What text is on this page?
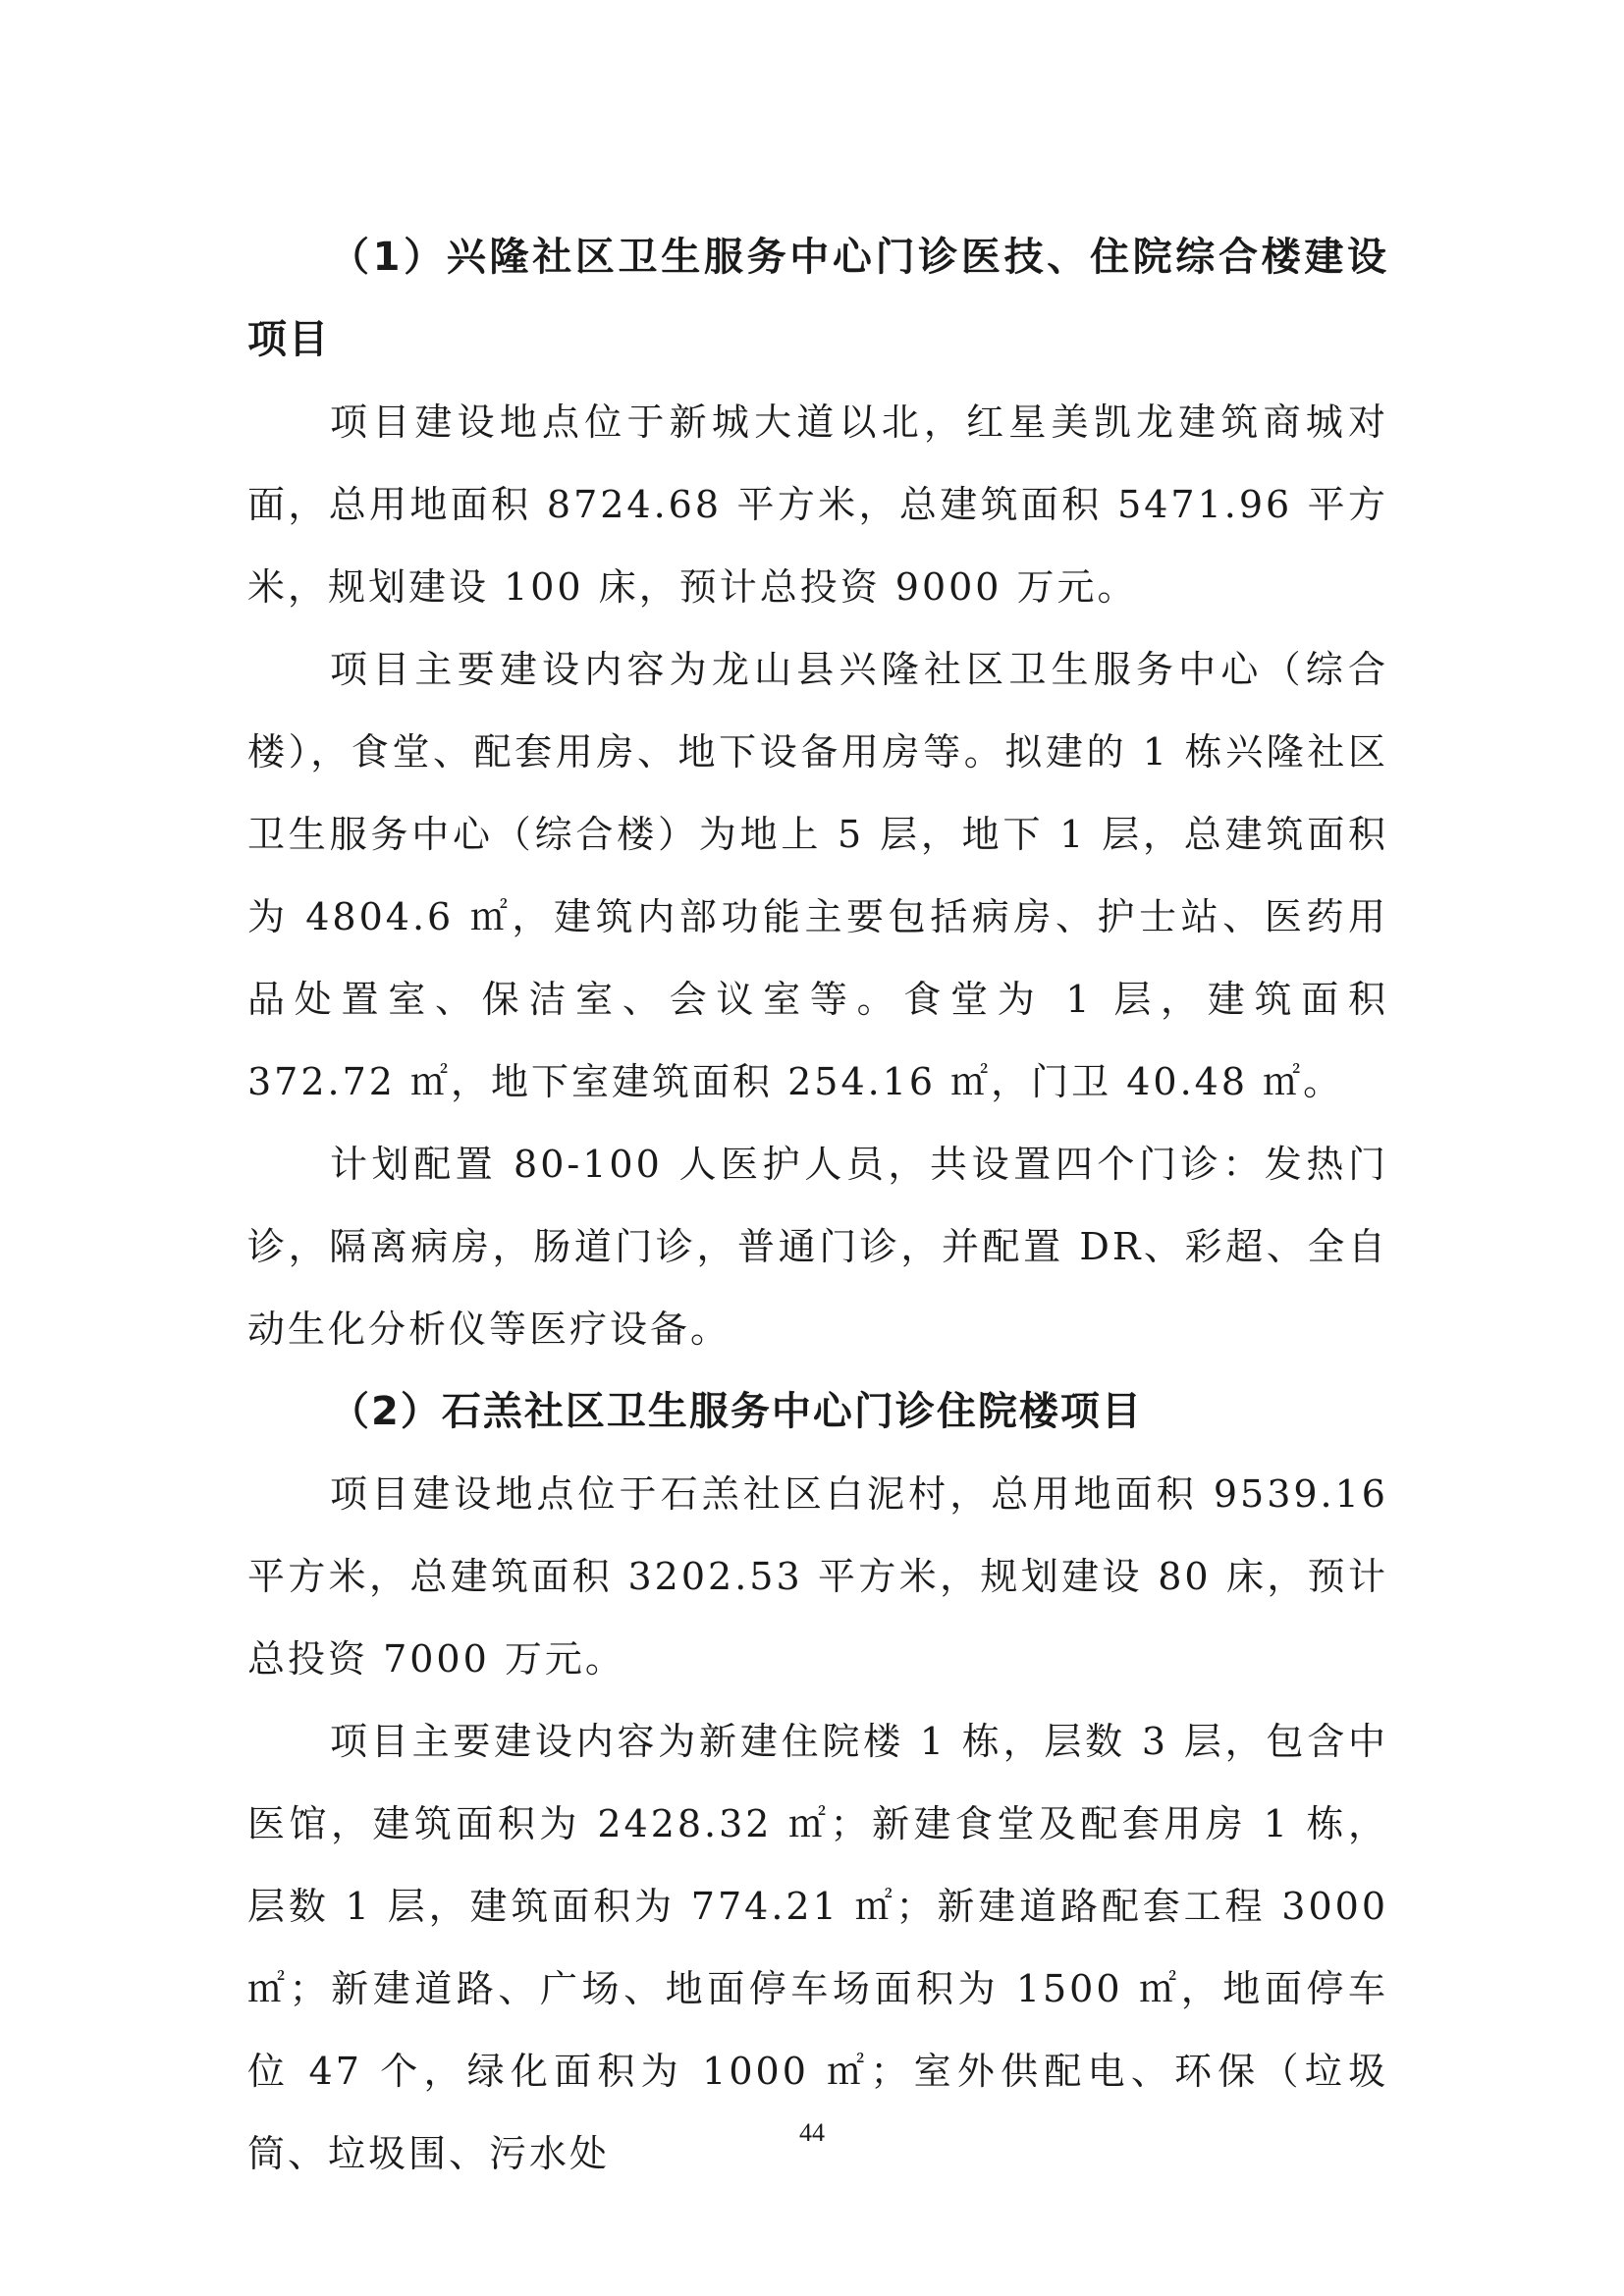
（1）兴隆社区卫生服务中心门诊医技、住院综合楼建设项目

项目建设地点位于新城大道以北，红星美凯龙建筑商城对面，总用地面积 8724.68 平方米，总建筑面积 5471.96 平方米，规划建设 100 床，预计总投资 9000 万元。

项目主要建设内容为龙山县兴隆社区卫生服务中心（综合楼），食堂、配套用房、地下设备用房等。拟建的 1 栋兴隆社区卫生服务中心（综合楼）为地上 5 层，地下 1 层，总建筑面积为 4804.6 ㎡，建筑内部功能主要包括病房、护士站、医药用品处置室、保洁室、会议室等。食堂为 1 层，建筑面积 372.72 ㎡，地下室建筑面积 254.16 ㎡，门卫 40.48 ㎡。

计划配置 80-100 人医护人员，共设置四个门诊：发热门诊，隔离病房，肠道门诊，普通门诊，并配置 DR、彩超、全自动生化分析仪等医疗设备。

（2）石羔社区卫生服务中心门诊住院楼项目

项目建设地点位于石羔社区白泥村，总用地面积 9539.16 平方米，总建筑面积 3202.53 平方米，规划建设 80 床，预计总投资 7000 万元。

项目主要建设内容为新建住院楼 1 栋，层数 3 层，包含中医馆，建筑面积为 2428.32 ㎡；新建食堂及配套用房 1 栋，层数 1 层，建筑面积为 774.21 ㎡；新建道路配套工程 3000 ㎡；新建道路、广场、地面停车场面积为 1500 ㎡，地面停车位 47 个，绿化面积为 1000 ㎡；室外供配电、环保（垃圾筒、垃圾围、污水处	44
